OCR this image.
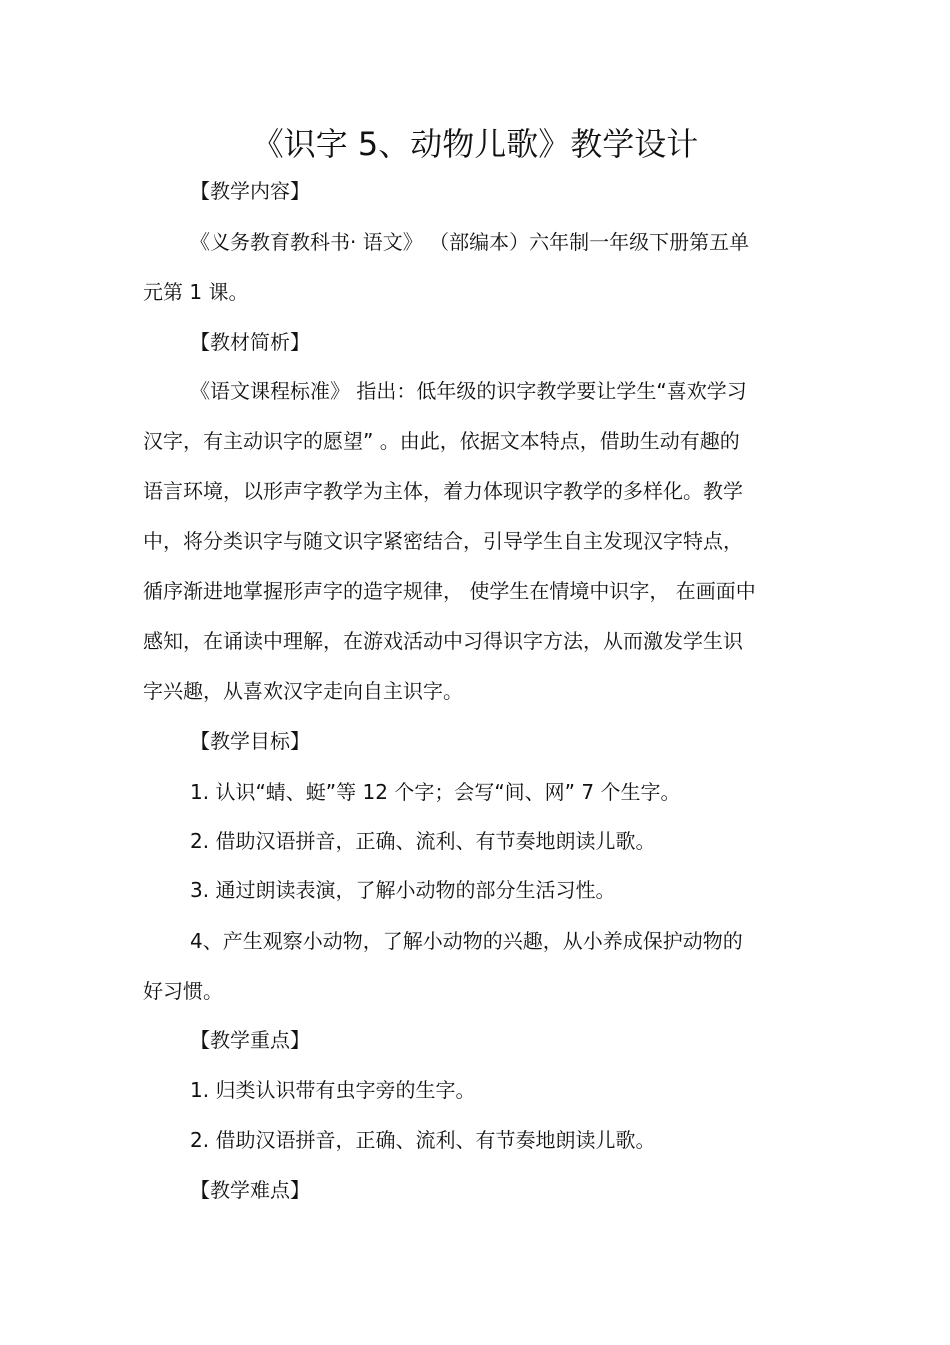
《识字 5、动物儿歌》教学设计
【教学内容】
《义务教育教科书· 语文》 （部编本）六年制一年级下册第五单
元第 1 课。
【教材简析】
《语文课程标准》 指出：低年级的识字教学要让学生“喜欢学习
汉字，有主动识字的愿望” 。由此，依据文本特点，借助生动有趣的
语言环境，以形声字教学为主体，着力体现识字教学的多样化。教学
中，将分类识字与随文识字紧密结合，引导学生自主发现汉字特点，
循序渐进地掌握形声字的造字规律， 使学生在情境中识字， 在画面中
感知，在诵读中理解，在游戏活动中习得识字方法，从而激发学生识
字兴趣，从喜欢汉字走向自主识字。
【教学目标】
1. 认识“蜻、蜓”等 12 个字；会写“间、网” 7 个生字。
2. 借助汉语拼音，正确、流利、有节奏地朗读儿歌。
3. 通过朗读表演，了解小动物的部分生活习性。
4、产生观察小动物，了解小动物的兴趣，从小养成保护动物的
好习惯。
【教学重点】
1. 归类认识带有虫字旁的生字。
2. 借助汉语拼音，正确、流利、有节奏地朗读儿歌。
【教学难点】
